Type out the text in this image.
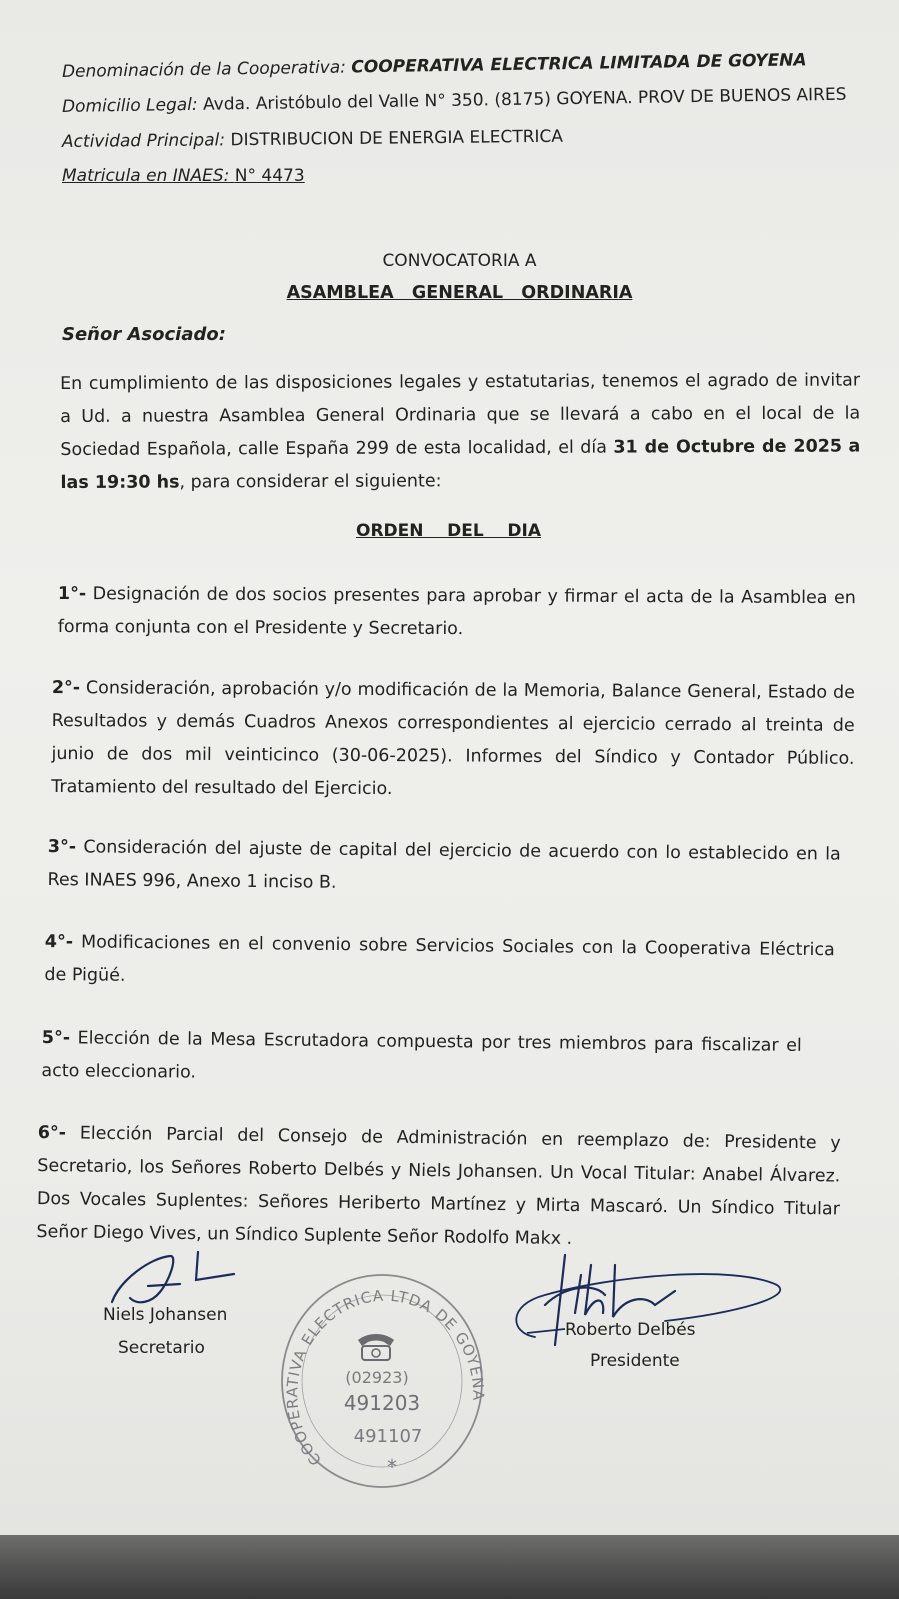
Denominación de la Cooperativa: COOPERATIVA ELECTRICA LIMITADA DE GOYENA
Domicilio Legal: Avda. Aristóbulo del Valle N° 350. (8175) GOYENA. PROV DE BUENOS AIRES
Actividad Principal: DISTRIBUCION DE ENERGIA ELECTRICA
Matricula en INAES: N° 4473
CONVOCATORIA A
ASAMBLEA   GENERAL   ORDINARIA
Señor Asociado:
En cumplimiento de las disposiciones legales y estatutarias, tenemos el agrado de invitar a Ud. a nuestra Asamblea General Ordinaria que se llevará a cabo en el local de la Sociedad Española, calle España 299 de esta localidad, el día 31 de Octubre de 2025 a las 19:30 hs, para considerar el siguiente:
ORDEN    DEL    DIA
1°- Designación de dos socios presentes para aprobar y firmar el acta de la Asamblea en forma conjunta con el Presidente y Secretario.
2°- Consideración, aprobación y/o modificación de la Memoria, Balance General, Estado de Resultados y demás Cuadros Anexos correspondientes al ejercicio cerrado al treinta de junio de dos mil veinticinco (30-06-2025). Informes del Síndico y Contador Público. Tratamiento del resultado del Ejercicio.
3°- Consideración del ajuste de capital del ejercicio de acuerdo con lo establecido en la Res INAES 996, Anexo 1 inciso B.
4°- Modificaciones en el convenio sobre Servicios Sociales con la Cooperativa Eléctrica de Pigüé.
5°- Elección de la Mesa Escrutadora compuesta por tres miembros para fiscalizar el acto eleccionario.
6°- Elección Parcial del Consejo de Administración en reemplazo de: Presidente y Secretario, los Señores Roberto Delbés y Niels Johansen. Un Vocal Titular: Anabel Álvarez. Dos Vocales Suplentes: Señores Heriberto Martínez y Mirta Mascaró. Un Síndico Titular Señor Diego Vives, un Síndico Suplente Señor Rodolfo Makx .
Niels Johansen
Secretario
Roberto Delbés
Presidente
COOPERATIVA ELECTRICA LTDA DE GOYENA
(02923)
491203
491107
*
